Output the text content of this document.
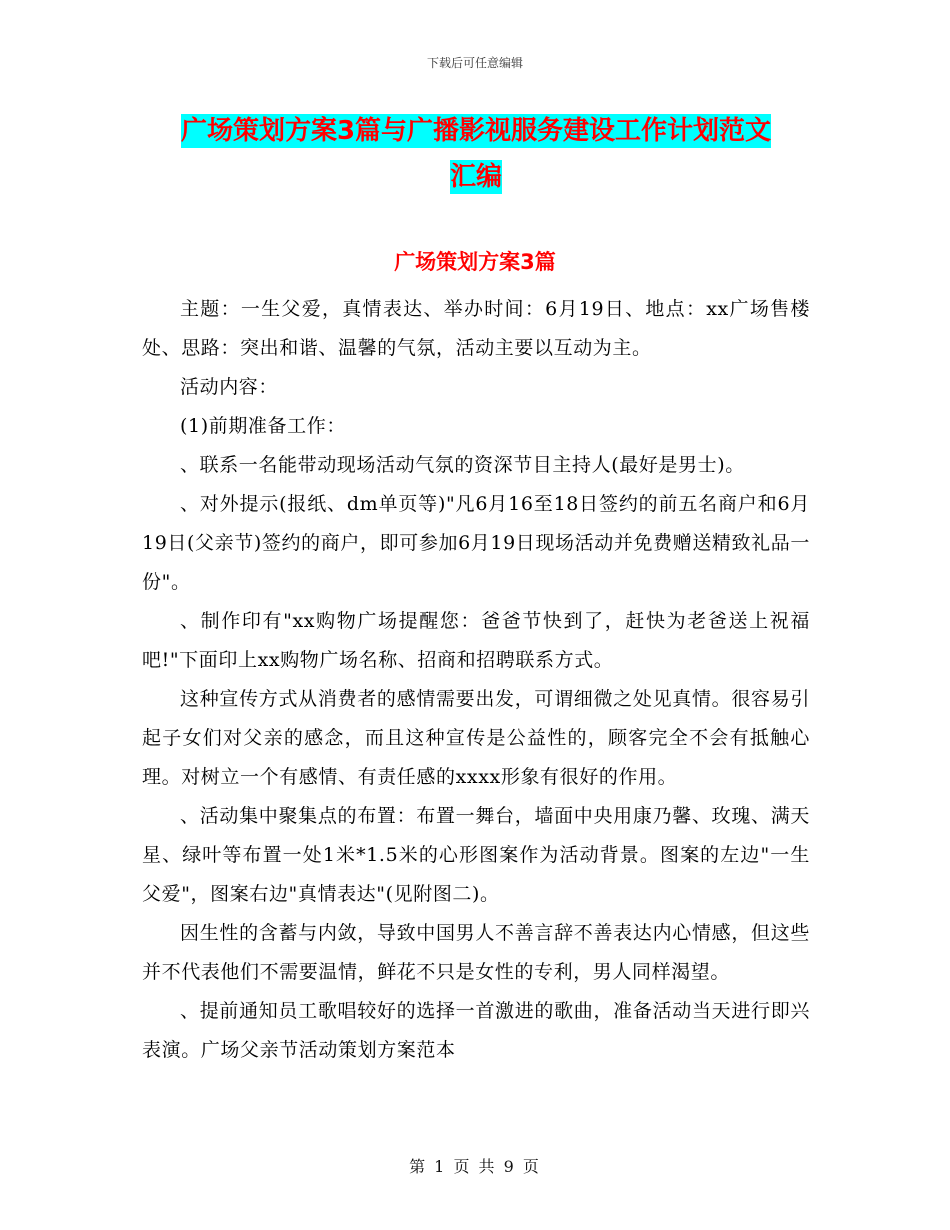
下载后可任意编辑
广场策划方案3篇与广播影视服务建设工作计划范文
汇编
广场策划方案3篇

主题：一生父爱，真情表达、举办时间：6月19日、地点：xx广场售楼处、思路：突出和谐、温馨的气氛，活动主要以互动为主。

活动内容：

(1)前期准备工作：

、联系一名能带动现场活动气氛的资深节目主持人(最好是男士)。

、对外提示(报纸、dm单页等)"凡6月16至18日签约的前五名商户和6月19日(父亲节)签约的商户，即可参加6月19日现场活动并免费赠送精致礼品一份"。

、制作印有"xx购物广场提醒您：爸爸节快到了，赶快为老爸送上祝福吧!"下面印上xx购物广场名称、招商和招聘联系方式。

这种宣传方式从消费者的感情需要出发，可谓细微之处见真情。很容易引起子女们对父亲的感念，而且这种宣传是公益性的，顾客完全不会有抵触心理。对树立一个有感情、有责任感的xxxx形象有很好的作用。

、活动集中聚集点的布置：布置一舞台，墙面中央用康乃馨、玫瑰、满天星、绿叶等布置一处1米*1.5米的心形图案作为活动背景。图案的左边"一生父爱"，图案右边"真情表达"(见附图二)。

因生性的含蓄与内敛，导致中国男人不善言辞不善表达内心情感，但这些并不代表他们不需要温情，鲜花不只是女性的专利，男人同样渴望。

、提前通知员工歌唱较好的选择一首激进的歌曲，准备活动当天进行即兴表演。广场父亲节活动策划方案范本

第 1 页 共 9 页
